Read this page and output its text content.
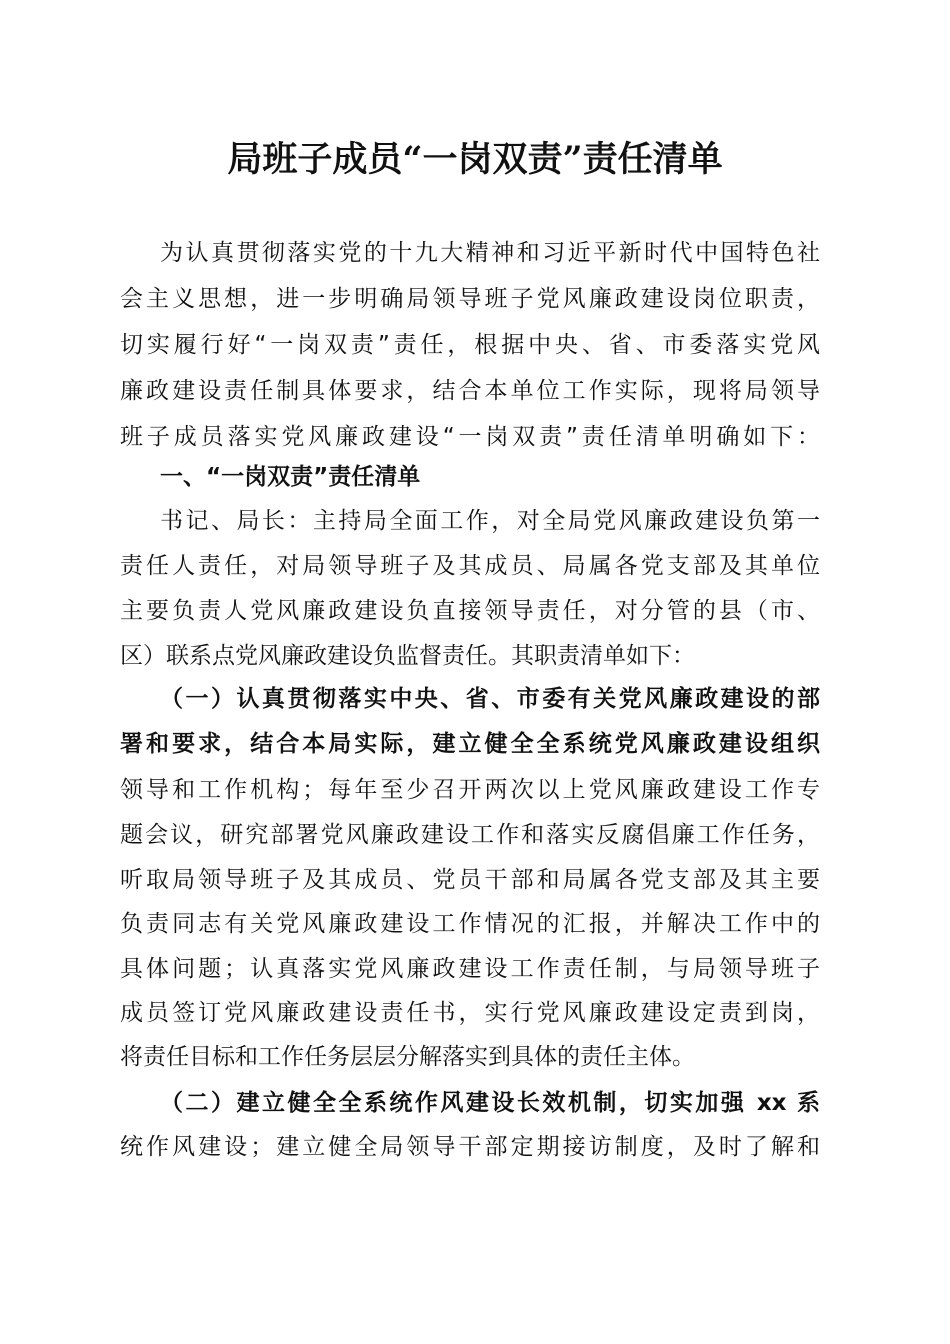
局班子成员“一岗双责”责任清单

为认真贯彻落实党的十九大精神和习近平新时代中国特色社

会主义思想，进一步明确局领导班子党风廉政建设岗位职责，

切实履行好“一岗双责”责任，根据中央、省、市委落实党风

廉政建设责任制具体要求，结合本单位工作实际，现将局领导

班子成员落实党风廉政建设“一岗双责”责任清单明确如下：

一、“一岗双责”责任清单

书记、局长：主持局全面工作，对全局党风廉政建设负第一

责任人责任，对局领导班子及其成员、局属各党支部及其单位

主要负责人党风廉政建设负直接领导责任，对分管的县（市、

区）联系点党风廉政建设负监督责任。其职责清单如下：

（一）认真贯彻落实中央、省、市委有关党风廉政建设的部

署和要求，结合本局实际，建立健全全系统党风廉政建设组织

领导和工作机构；每年至少召开两次以上党风廉政建设工作专

题会议，研究部署党风廉政建设工作和落实反腐倡廉工作任务，

听取局领导班子及其成员、党员干部和局属各党支部及其主要

负责同志有关党风廉政建设工作情况的汇报，并解决工作中的

具体问题；认真落实党风廉政建设工作责任制，与局领导班子

成员签订党风廉政建设责任书，实行党风廉政建设定责到岗，

将责任目标和工作任务层层分解落实到具体的责任主体。

（二）建立健全全系统作风建设长效机制，切实加强 xx 系

统作风建设；建立健全局领导干部定期接访制度，及时了解和
